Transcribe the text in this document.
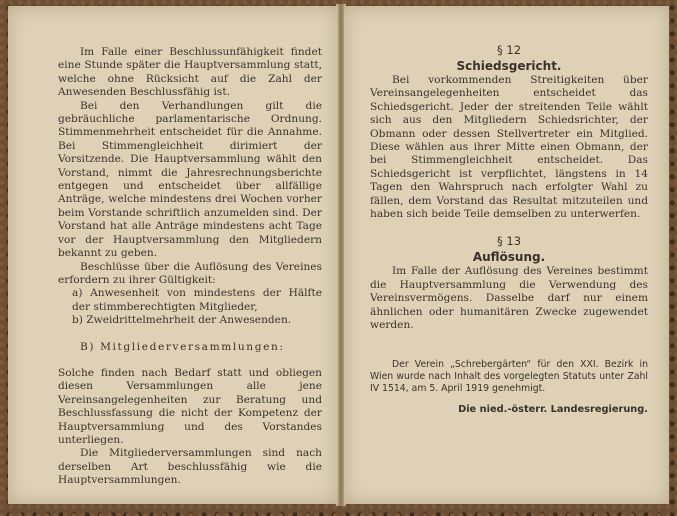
Im Falle einer Beschlussunfähigkeit findet eine Stunde später die Hauptversammlung statt, welche ohne Rücksicht auf die Zahl der Anwesenden Beschlussfähig ist.

Bei den Verhandlungen gilt die gebräuchliche parlamentarische Ordnung. Stimmenmehrheit entscheidet für die Annahme. Bei Stimmengleichheit dirimiert der Vorsitzende. Die Hauptversammlung wählt den Vorstand, nimmt die Jahresrechnungsberichte entgegen und entscheidet über allfällige Anträge, welche mindestens drei Wochen vorher beim Vorstande schriftlich anzumelden sind. Der Vorstand hat alle Anträge mindestens acht Tage vor der Hauptversammlung den Mitgliedern bekannt zu geben.

Beschlüsse über die Auflösung des Vereines erfordern zu ihrer Gültigkeit:

a) Anwesenheit von mindestens der Hälfte der stimmberechtigten Mitglieder,

b) Zweidrittelmehrheit der Anwesenden.

B) Mitgliederversammlungen:

Solche finden nach Bedarf statt und obliegen diesen Versammlungen alle jene Vereinsangelegenheiten zur Beratung und Beschlussfassung die nicht der Kompetenz der Hauptversammlung und des Vorstandes unterliegen.

Die Mitgliederversammlungen sind nach derselben Art beschlussfähig wie die Hauptversammlungen.

§ 12
Schiedsgericht.

Bei vorkommenden Streitigkeiten über Vereinsangelegenheiten entscheidet das Schiedsgericht. Jeder der streitenden Teile wählt sich aus den Mitgliedern Schiedsrichter, der Obmann oder dessen Stellvertreter ein Mitglied. Diese wählen aus ihrer Mitte einen Obmann, der bei Stimmengleichheit entscheidet. Das Schiedsgericht ist verpflichtet, längstens in 14 Tagen den Wahrspruch nach erfolgter Wahl zu fällen, dem Vorstand das Resultat mitzuteilen und haben sich beide Teile demselben zu unterwerfen.

§ 13
Auflösung.

Im Falle der Auflösung des Vereines bestimmt die Hauptversammlung die Verwendung des Vereinsvermögens. Dasselbe darf nur einem ähnlichen oder humanitären Zwecke zugewendet werden.

Der Verein „Schrebergärten“ für den XXI. Bezirk in Wien wurde nach Inhalt des vorgelegten Statuts unter Zahl IV 1514, am 5. April 1919 genehmigt.

Die nied.-österr. Landesregierung.
